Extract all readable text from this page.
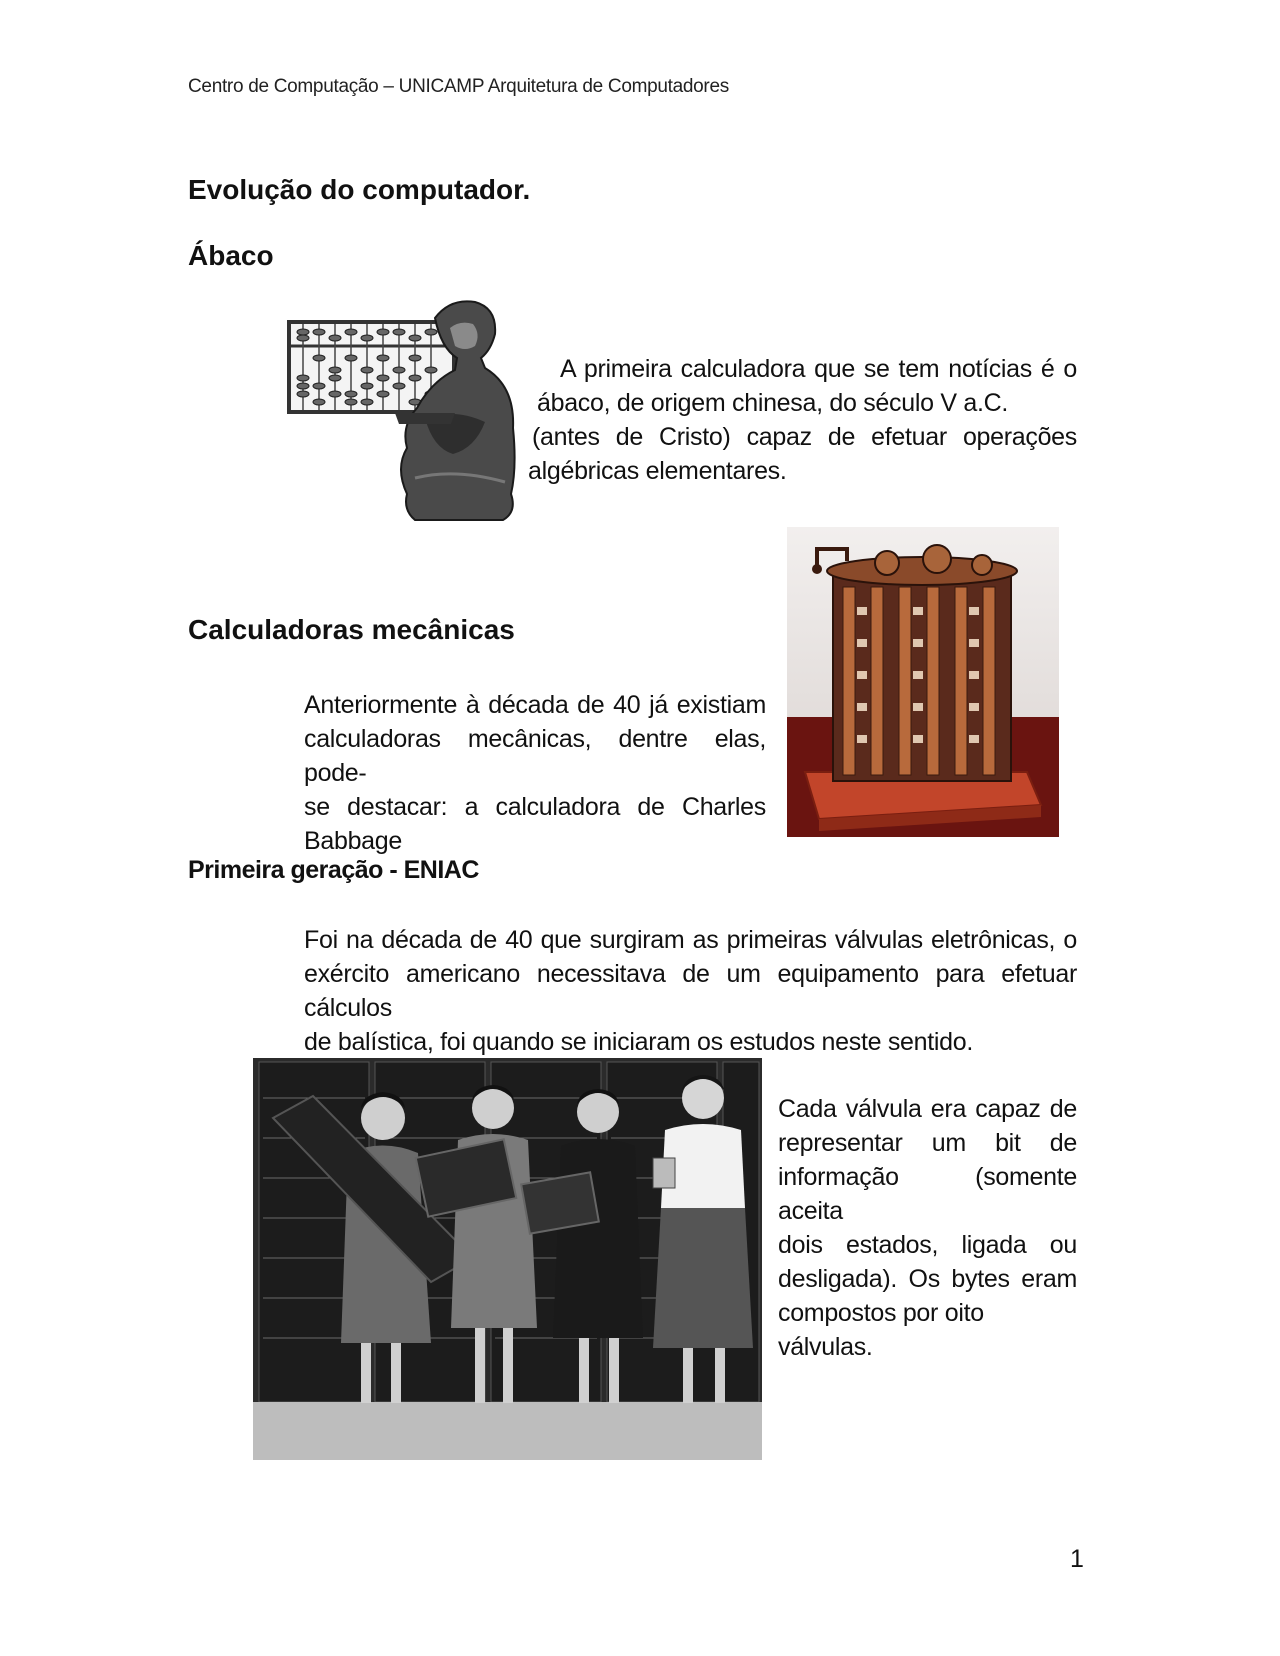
Centro de Computação – UNICAMP Arquitetura de Computadores
Evolução do computador.
Ábaco
A primeira calculadora que se tem notícias é o
ábaco, de origem chinesa, do século V a.C.
(antes de Cristo) capaz de efetuar operações
algébricas elementares.
Calculadoras mecânicas
Anteriormente à década de 40 já existiam
calculadoras mecânicas, dentre elas, pode-
se destacar: a calculadora de Charles
Babbage
Primeira geração - ENIAC
Foi na década de 40 que surgiram as primeiras válvulas eletrônicas, o
exército americano necessitava de um equipamento para efetuar cálculos
de balística, foi quando se iniciaram os estudos neste sentido.
Cada válvula era capaz de
representar um bit de
informação (somente aceita
dois estados, ligada ou
desligada). Os bytes eram
compostos por oito válvulas.
1
